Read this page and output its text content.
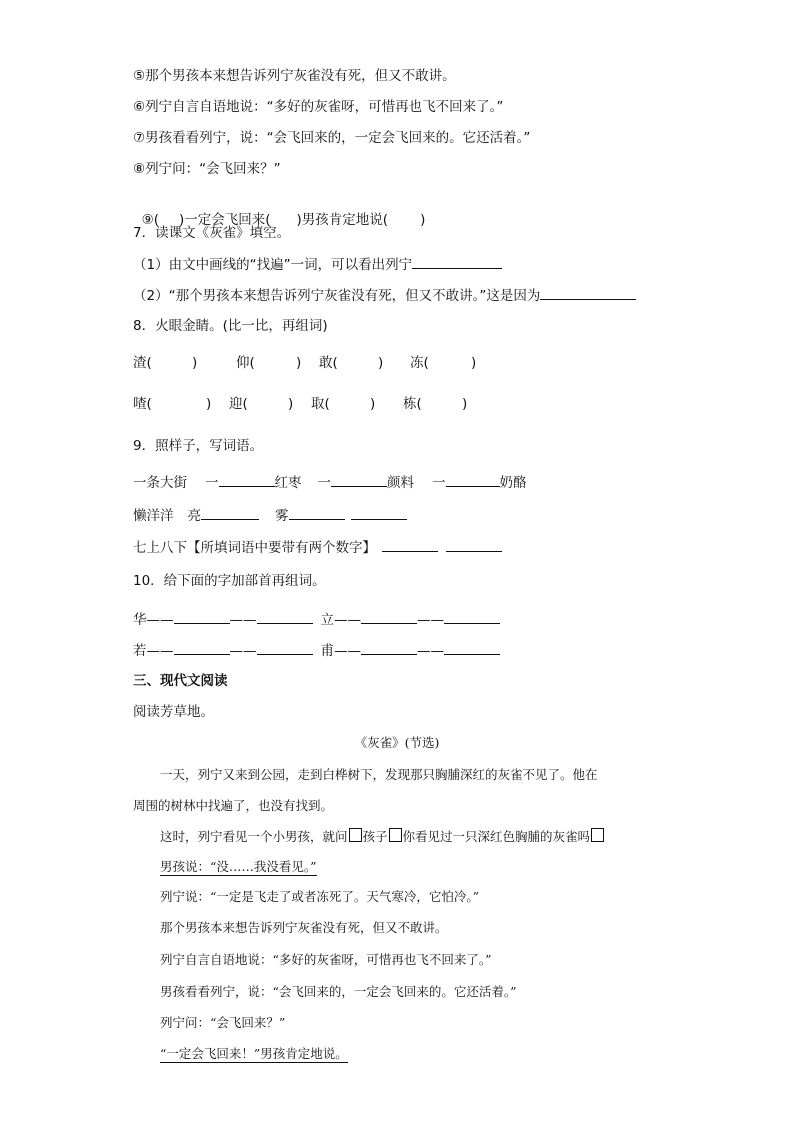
⑤那个男孩本来想告诉列宁灰雀没有死，但又不敢讲。
⑥列宁自言自语地说：“多好的灰雀呀，可惜再也飞不回来了。”
⑦男孩看看列宁，说：“会飞回来的，一定会飞回来的。它还活着。”
⑧列宁问：“会飞回来？”

⑨( )一定会飞回来( )男孩肯定地说( )

7．读课文《灰雀》填空。
（1）由文中画线的“找遍”一词，可以看出列宁
（2）“那个男孩本来想告诉列宁灰雀没有死，但又不敢讲。”这是因为
8．火眼金睛。(比一比，再组词)
渣(	)	仰(	) 敢(	) 冻(	)
喳(	) 迎(	) 取(	) 栋(	)
9．照样子，写词语。
一条大街 一	红枣 一	颜料 一	奶酪
懒洋洋 亮	雾
七上八下【所填词语中要带有两个数字】
10．给下面的字加部首再组词。
华——	——	立——	——
若——	——	甫——	——
三、现代文阅读
阅读芳草地。
《灰雀》(节选)
一天，列宁又来到公园，走到白桦树下，发现那只胸脯深红的灰雀不见了。他在
周围的树林中找遍了，也没有找到。
这时，列宁看见一个小男孩，就问 孩子 你看见过一只深红色胸脯的灰雀吗
男孩说：“没……我没看见。”
列宁说：“一定是飞走了或者冻死了。天气寒冷，它怕冷。”
那个男孩本来想告诉列宁灰雀没有死，但又不敢讲。
列宁自言自语地说：“多好的灰雀呀，可惜再也飞不回来了。”
男孩看看列宁，说：“会飞回来的，一定会飞回来的。它还活着。”
列宁问：“会飞回来？”
“一定会飞回来！”男孩肯定地说。
